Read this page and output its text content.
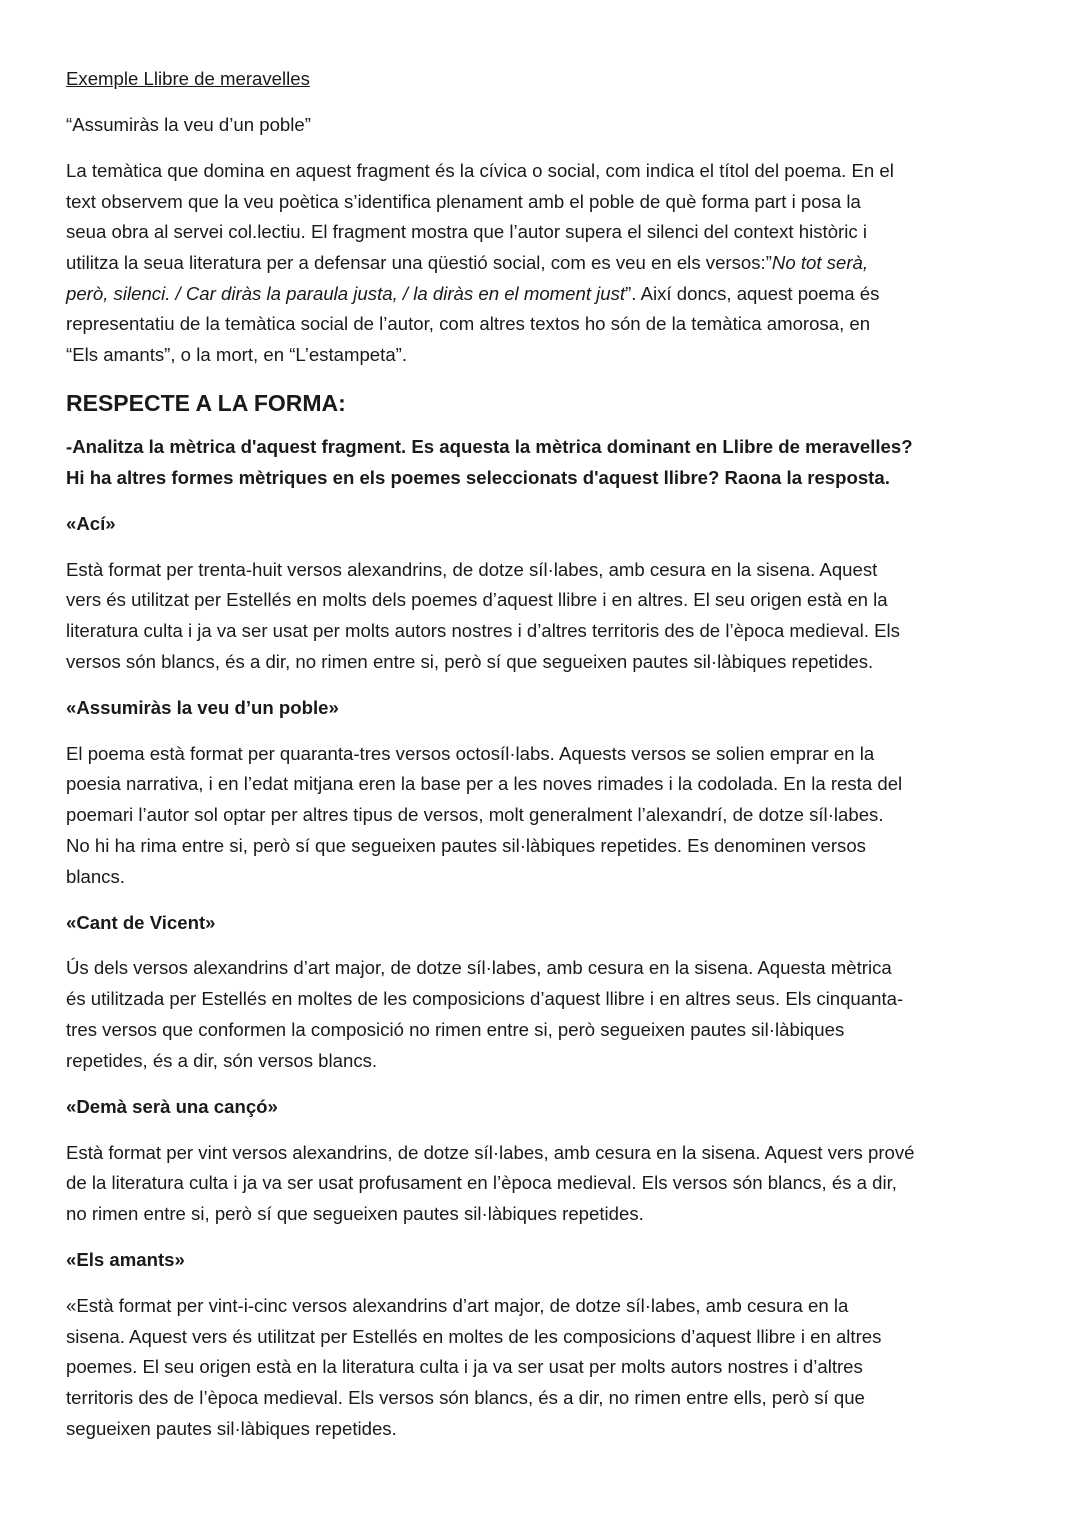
Exemple Llibre de meravelles
“Assumiràs la veu d’un poble”
La temàtica que domina en aquest fragment és la cívica o social, com indica el títol del poema. En el
text observem que la veu poètica s’identifica plenament amb el poble de què forma part i posa la
seua obra al servei col.lectiu. El fragment mostra que l’autor supera el silenci del context històric i
utilitza la seua literatura per a defensar una qüestió social, com es veu en els versos:”No tot serà,
però, silenci. / Car diràs la paraula justa, / la diràs en el moment just”. Així doncs, aquest poema és
representatiu de la temàtica social de l’autor, com altres textos ho són de la temàtica amorosa, en
“Els amants”, o la mort, en “L’estampeta”.
RESPECTE A LA FORMA:
-Analitza la mètrica d'aquest fragment. Es aquesta la mètrica dominant en Llibre de meravelles?
Hi ha altres formes mètriques en els poemes seleccionats d'aquest llibre? Raona la resposta.
«Ací»
Està format per trenta-huit versos alexandrins, de dotze síl·labes, amb cesura en la sisena. Aquest
vers és utilitzat per Estellés en molts dels poemes d’aquest llibre i en altres. El seu origen està en la
literatura culta i ja va ser usat per molts autors nostres i d’altres territoris des de l’època medieval. Els
versos són blancs, és a dir, no rimen entre si, però sí que segueixen pautes sil·làbiques repetides.
«Assumiràs la veu d’un poble»
El poema està format per quaranta-tres versos octosíl·labs. Aquests versos se solien emprar en la
poesia narrativa, i en l’edat mitjana eren la base per a les noves rimades i la codolada. En la resta del
poemari l’autor sol optar per altres tipus de versos, molt generalment l’alexandrí, de dotze síl·labes.
No hi ha rima entre si, però sí que segueixen pautes sil·làbiques repetides. Es denominen versos
blancs.
«Cant de Vicent»
Ús dels versos alexandrins d’art major, de dotze síl·labes, amb cesura en la sisena. Aquesta mètrica
és utilitzada per Estellés en moltes de les composicions d’aquest llibre i en altres seus. Els cinquanta-
tres versos que conformen la composició no rimen entre si, però segueixen pautes sil·làbiques
repetides, és a dir, són versos blancs.
«Demà serà una cançó»
Està format per vint versos alexandrins, de dotze síl·labes, amb cesura en la sisena. Aquest vers prové
de la literatura culta i ja va ser usat profusament en l’època medieval. Els versos són blancs, és a dir,
no rimen entre si, però sí que segueixen pautes sil·làbiques repetides.
«Els amants»
«Està format per vint-i-cinc versos alexandrins d’art major, de dotze síl·labes, amb cesura en la
sisena. Aquest vers és utilitzat per Estellés en moltes de les composicions d’aquest llibre i en altres
poemes. El seu origen està en la literatura culta i ja va ser usat per molts autors nostres i d’altres
territoris des de l’època medieval. Els versos són blancs, és a dir, no rimen entre ells, però sí que
segueixen pautes sil·làbiques repetides.
